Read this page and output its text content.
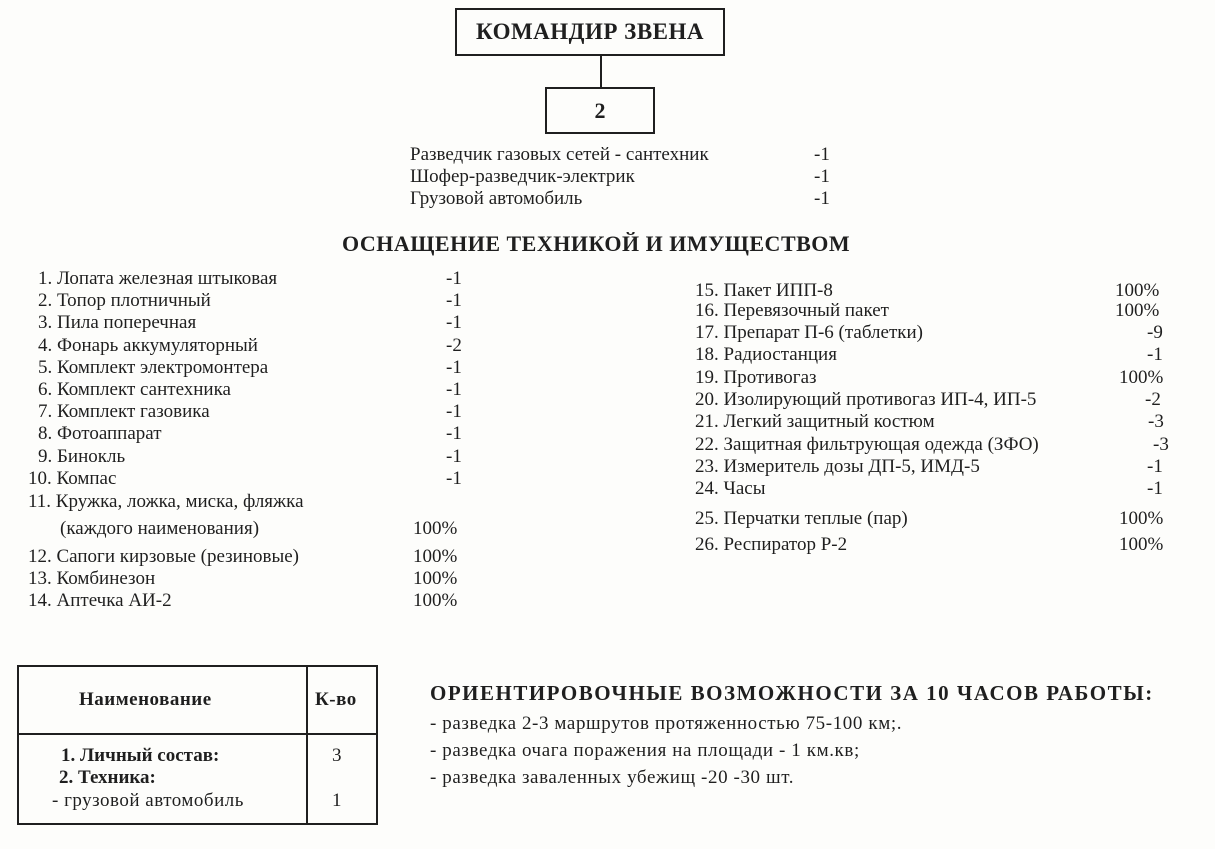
КОМАНДИР ЗВЕНА
2
Разведчик газовых сетей - сантехник	-1
Шофер-разведчик-электрик	-1
Грузовой автомобиль	-1
ОСНАЩЕНИЕ ТЕХНИКОЙ И ИМУЩЕСТВОМ
1. Лопата железная штыковая	-1
2. Топор плотничный	-1
3. Пила поперечная	-1
4. Фонарь аккумуляторный	-2
5. Комплект электромонтера	-1
6. Комплект сантехника	-1
7. Комплект газовика	-1
8. Фотоаппарат	-1
9. Бинокль	-1
10. Компас	-1
11. Кружка, ложка, миска, фляжка
(каждого наименования)	100%
12. Сапоги кирзовые (резиновые)	100%
13. Комбинезон	100%
14. Аптечка АИ-2	100%
15. Пакет ИПП-8	100%
16. Перевязочный пакет	100%
17. Препарат П-6 (таблетки)	-9
18. Радиостанция	-1
19. Противогаз	100%
20. Изолирующий противогаз ИП-4, ИП-5	-2
21. Легкий защитный костюм	-3
22. Защитная фильтрующая одежда (ЗФО)	-3
23. Измеритель дозы ДП-5, ИМД-5	-1
24. Часы	-1
25. Перчатки теплые (пар)	100%
26. Респиратор Р-2	100%
Наименование	К-во
1. Личный состав:	3
2. Техника:
- грузовой автомобиль	1
ОРИЕНТИРОВОЧНЫЕ ВОЗМОЖНОСТИ ЗА 10 ЧАСОВ РАБОТЫ:
- разведка 2-3 маршрутов протяженностью 75-100 км;.
- разведка очага поражения на площади - 1 км.кв;
- разведка заваленных убежищ -20 -30 шт.
